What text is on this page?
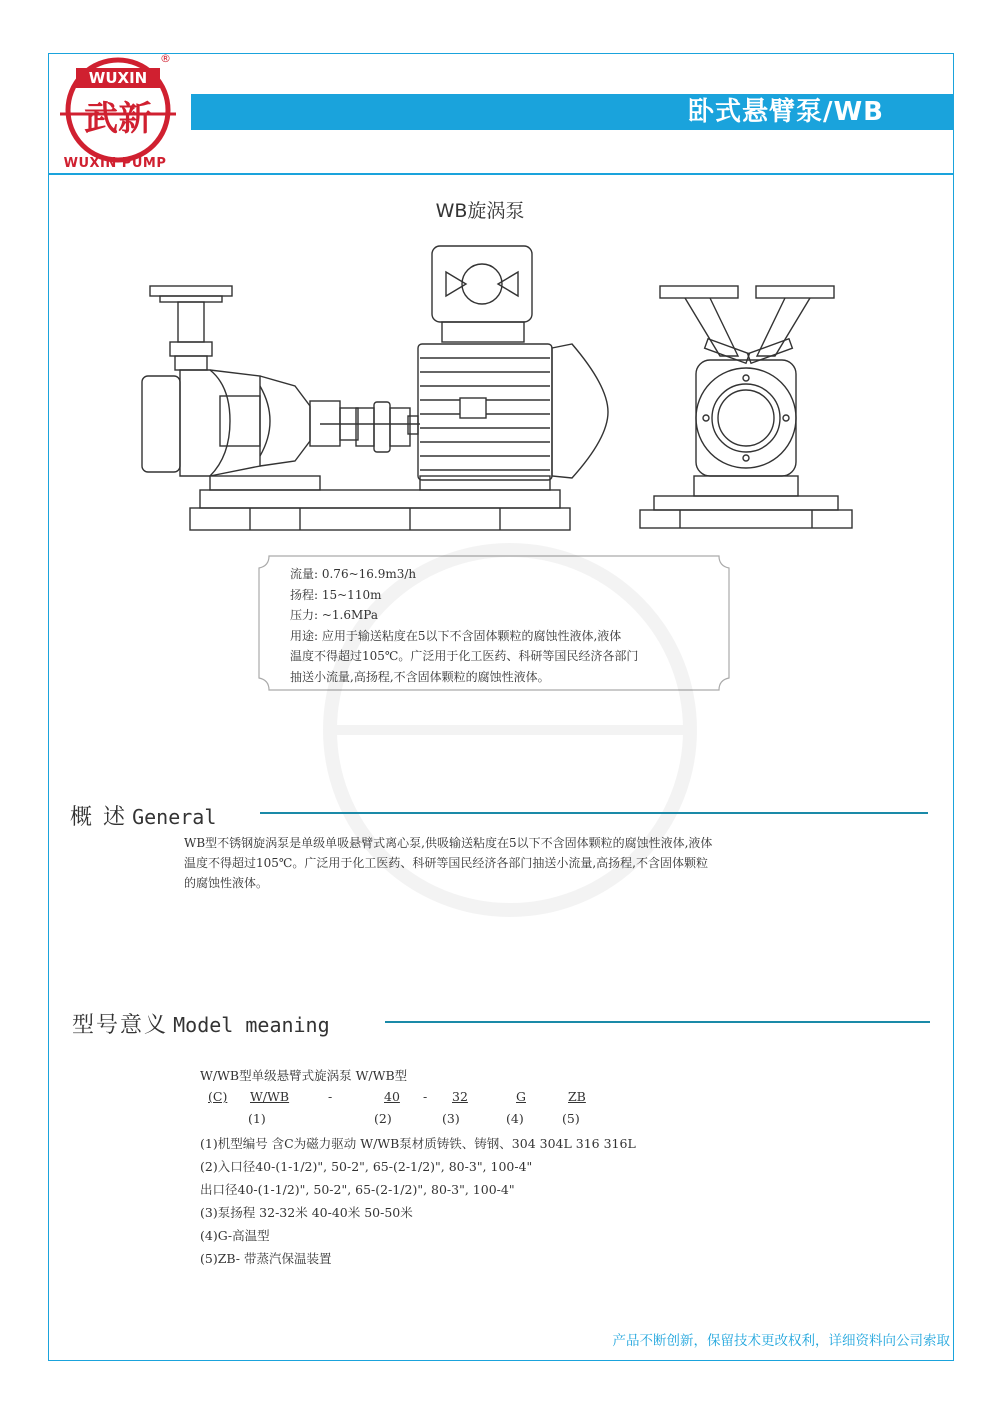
WUXIN
武新
®
WUXIN PUMP
卧式悬臂泵/WB
WB旋涡泵
流量: 0.76~16.9m3/h
扬程: 15~110m
压力: ~1.6MPa
用途: 应用于输送粘度在5以下不含固体颗粒的腐蚀性液体,液体
温度不得超过105℃。广泛用于化工医药、科研等国民经济各部门
抽送小流量,高扬程,不含固体颗粒的腐蚀性液体。
概 述 General
WB型不锈钢旋涡泵是单级单吸悬臂式离心泵,供吸输送粘度在5以下不含固体颗粒的腐蚀性液体,液体
温度不得超过105℃。广泛用于化工医药、科研等国民经济各部门抽送小流量,高扬程,不含固体颗粒
的腐蚀性液体。
型号意义 Model meaning
W/WB型单级悬臂式旋涡泵 W/WB型
(C) W/WB	-	40 - 32	G	ZB
(1)	(2)	(3)	(4)	(5)
(1)机型编号 含C为磁力驱动 W/WB泵材质铸铁、铸钢、304 304L 316 316L
(2)入口径40-(1-1/2)", 50-2", 65-(2-1/2)", 80-3", 100-4"
出口径40-(1-1/2)", 50-2", 65-(2-1/2)", 80-3", 100-4"
(3)泵扬程 32-32米 40-40米 50-50米
(4)G-高温型
(5)ZB- 带蒸汽保温装置
产品不断创新，保留技术更改权利，详细资料向公司索取
